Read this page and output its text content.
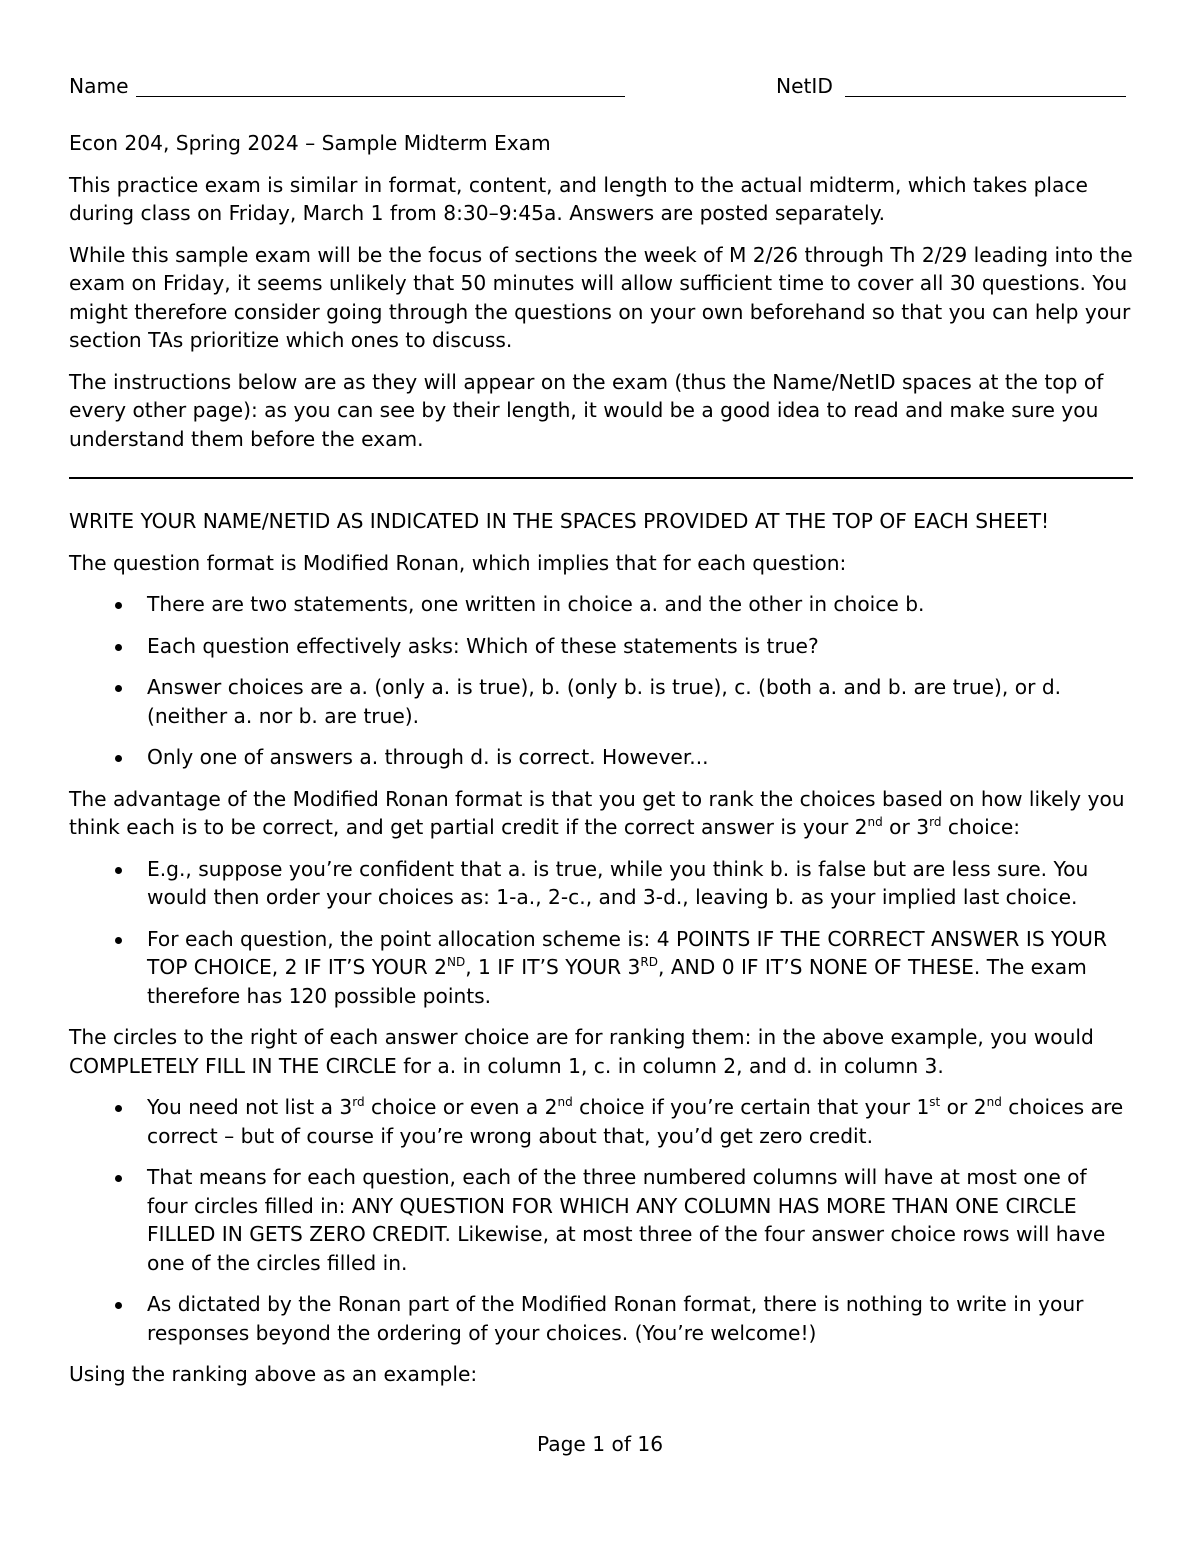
Name	NetID

Econ 204, Spring 2024 – Sample Midterm Exam

This practice exam is similar in format, content, and length to the actual midterm, which takes place during class on Friday, March 1 from 8:30–9:45a. Answers are posted separately.

While this sample exam will be the focus of sections the week of M 2/26 through Th 2/29 leading into the exam on Friday, it seems unlikely that 50 minutes will allow sufficient time to cover all 30 questions. You might therefore consider going through the questions on your own beforehand so that you can help your section TAs prioritize which ones to discuss.

The instructions below are as they will appear on the exam (thus the Name/NetID spaces at the top of every other page): as you can see by their length, it would be a good idea to read and make sure you understand them before the exam.

WRITE YOUR NAME/NETID AS INDICATED IN THE SPACES PROVIDED AT THE TOP OF EACH SHEET!

The question format is Modified Ronan, which implies that for each question:

There are two statements, one written in choice a. and the other in choice b.
Each question effectively asks: Which of these statements is true?
Answer choices are a. (only a. is true), b. (only b. is true), c. (both a. and b. are true), or d. (neither a. nor b. are true).
Only one of answers a. through d. is correct. However...

The advantage of the Modified Ronan format is that you get to rank the choices based on how likely you think each is to be correct, and get partial credit if the correct answer is your 2nd or 3rd choice:

E.g., suppose you’re confident that a. is true, while you think b. is false but are less sure. You would then order your choices as: 1-a., 2-c., and 3-d., leaving b. as your implied last choice.
For each question, the point allocation scheme is: 4 POINTS IF THE CORRECT ANSWER IS YOUR TOP CHOICE, 2 IF IT’S YOUR 2ND, 1 IF IT’S YOUR 3RD, AND 0 IF IT’S NONE OF THESE. The exam therefore has 120 possible points.

The circles to the right of each answer choice are for ranking them: in the above example, you would COMPLETELY FILL IN THE CIRCLE for a. in column 1, c. in column 2, and d. in column 3.

You need not list a 3rd choice or even a 2nd choice if you’re certain that your 1st or 2nd choices are correct – but of course if you’re wrong about that, you’d get zero credit.
That means for each question, each of the three numbered columns will have at most one of four circles filled in: ANY QUESTION FOR WHICH ANY COLUMN HAS MORE THAN ONE CIRCLE FILLED IN GETS ZERO CREDIT. Likewise, at most three of the four answer choice rows will have one of the circles filled in.
As dictated by the Ronan part of the Modified Ronan format, there is nothing to write in your responses beyond the ordering of your choices. (You’re welcome!)

Using the ranking above as an example:

Page 1 of 16
